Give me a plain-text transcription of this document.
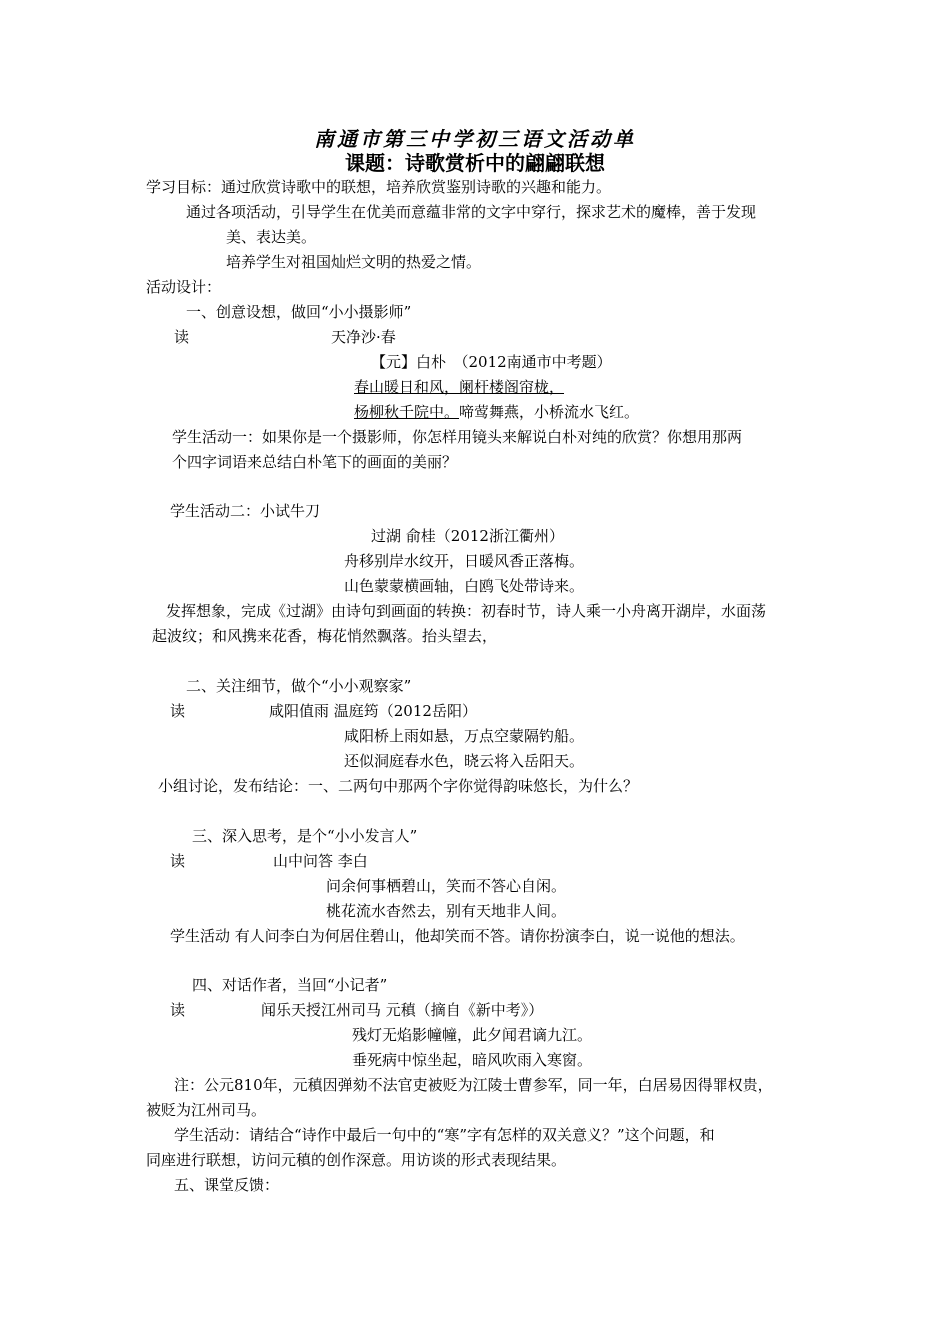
南通市第三中学初三语文活动单
课题：诗歌赏析中的翩翩联想
学习目标：通过欣赏诗歌中的联想，培养欣赏鉴别诗歌的兴趣和能力。
通过各项活动，引导学生在优美而意蕴非常的文字中穿行，探求艺术的魔棒，善于发现
美、表达美。
培养学生对祖国灿烂文明的热爱之情。
活动设计：
一、创意设想，做回“小小摄影师”
读	天净沙·春
【元】白朴　（2012南通市中考题）
春山暖日和风，阑杆楼阁帘栊，
杨柳秋千院中。啼莺舞燕，小桥流水飞红。
学生活动一：如果你是一个摄影师，你怎样用镜头来解说白朴对纯的欣赏？你想用那两
个四字词语来总结白朴笔下的画面的美丽？
学生活动二：小试牛刀
过湖 俞桂（2012浙江衢州）
舟移别岸水纹开，日暖风香正落梅。
山色蒙蒙横画轴，白鸥飞处带诗来。
发挥想象，完成《过湖》由诗句到画面的转换：初春时节，诗人乘一小舟离开湖岸，水面荡
起波纹；和风携来花香，梅花悄然飘落。抬头望去，
二、关注细节，做个“小小观察家”
读	咸阳值雨 温庭筠（2012岳阳）
咸阳桥上雨如悬，万点空蒙隔钓船。
还似洞庭春水色，晓云将入岳阳天。
小组讨论，发布结论：一、二两句中那两个字你觉得韵味悠长，为什么？
三、深入思考，是个“小小发言人”
读	山中问答 李白
问余何事栖碧山，笑而不答心自闲。
桃花流水杳然去，别有天地非人间。
学生活动 有人问李白为何居住碧山，他却笑而不答。请你扮演李白，说一说他的想法。
四、对话作者，当回“小记者”
读	闻乐天授江州司马 元稹（摘自《新中考》）
残灯无焰影幢幢，此夕闻君谪九江。
垂死病中惊坐起，暗风吹雨入寒窗。
注：公元810年，元稹因弹劾不法官吏被贬为江陵士曹参军，同一年，白居易因得罪权贵，
被贬为江州司马。
学生活动：请结合“诗作中最后一句中的“寒”字有怎样的双关意义？”这个问题，和
同座进行联想，访问元稹的创作深意。用访谈的形式表现结果。
五、课堂反馈：
